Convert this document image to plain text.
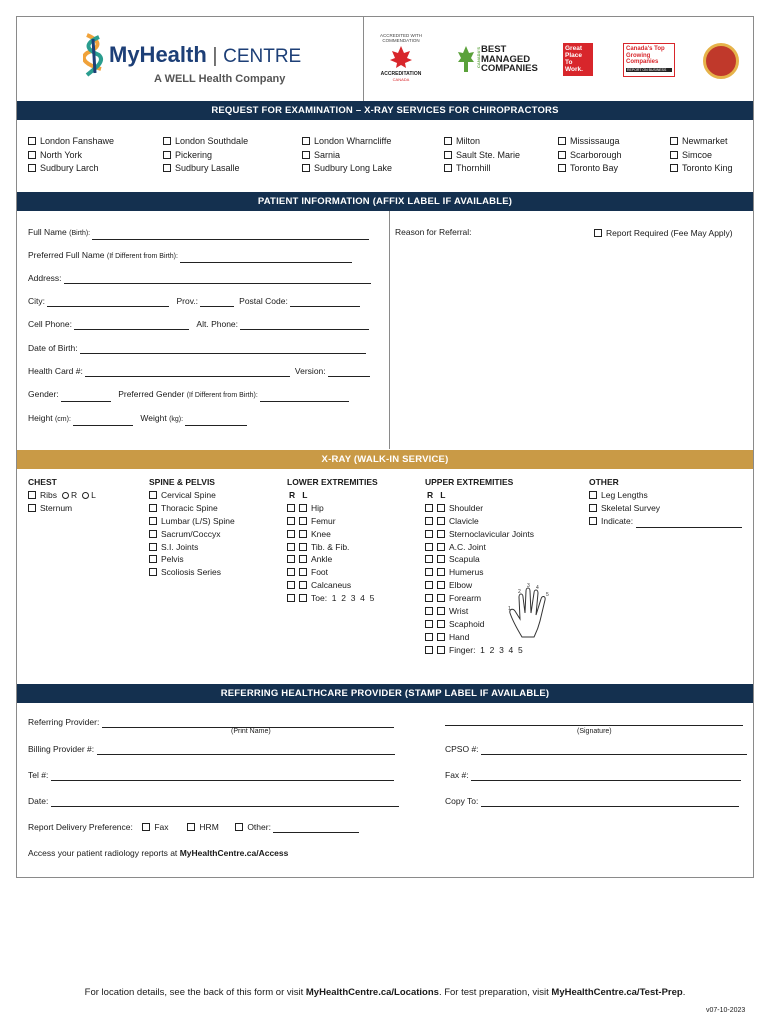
MyHealth | CENTRE
A WELL Health Company
ACCREDITED WITH COMMENDATION
ACCREDITATION
CANADA
CANADA'S BEST MANAGED COMPANIES
Great Place To Work.
Canada's Top Growing Companies
REPORT ON BUSINESS
REQUEST FOR EXAMINATION – X-RAY SERVICES FOR CHIROPRACTORS
London Fanshawe
North York
Sudbury Larch
London Southdale
Pickering
Sudbury Lasalle
London Wharncliffe
Sarnia
Sudbury Long Lake
Milton
Sault Ste. Marie
Thornhill
Mississauga
Scarborough
Toronto Bay
Newmarket
Simcoe
Toronto King
PATIENT INFORMATION (AFFIX LABEL IF AVAILABLE)
Full Name (Birth):
Preferred Full Name (If Different from Birth):
Address:
City:	Prov.:	Postal Code:
Cell Phone:	Alt. Phone:
Date of Birth:
Health Card #:	Version:
Gender:	Preferred Gender (If Different from Birth):
Height (cm):	Weight (kg):
Reason for Referral:	Report Required (Fee May Apply)
X-RAY (WALK-IN SERVICE)
CHEST
Ribs R L
Sternum
SPINE & PELVIS
Cervical Spine
Thoracic Spine
Lumbar (L/S) Spine
Sacrum/Coccyx
S.I. Joints
Pelvis
Scoliosis Series
LOWER EXTREMITIES
R   L
Hip
Femur
Knee
Tib. & Fib.
Ankle
Foot
Calcaneus
Toe:  1  2  3  4  5
UPPER EXTREMITIES
R   L
Shoulder
Clavicle
Sternoclavicular Joints
A.C. Joint
Scapula
Humerus
Elbow
Forearm
Wrist
Scaphoid
Hand
Finger:  1  2  3  4  5
1
2
3 4
5
OTHER
Leg Lengths
Skeletal Survey
Indicate:
REFERRING HEALTHCARE PROVIDER (STAMP LABEL IF AVAILABLE)
Referring Provider:
(Print Name)	(Signature)
Billing Provider #:	CPSO #:
Tel #:	Fax #:
Date:	Copy To:
Report Delivery Preference:	Fax	HRM	Other:
Access your patient radiology reports at MyHealthCentre.ca/Access
For location details, see the back of this form or visit MyHealthCentre.ca/Locations. For test preparation, visit MyHealthCentre.ca/Test-Prep.
v07-10-2023
